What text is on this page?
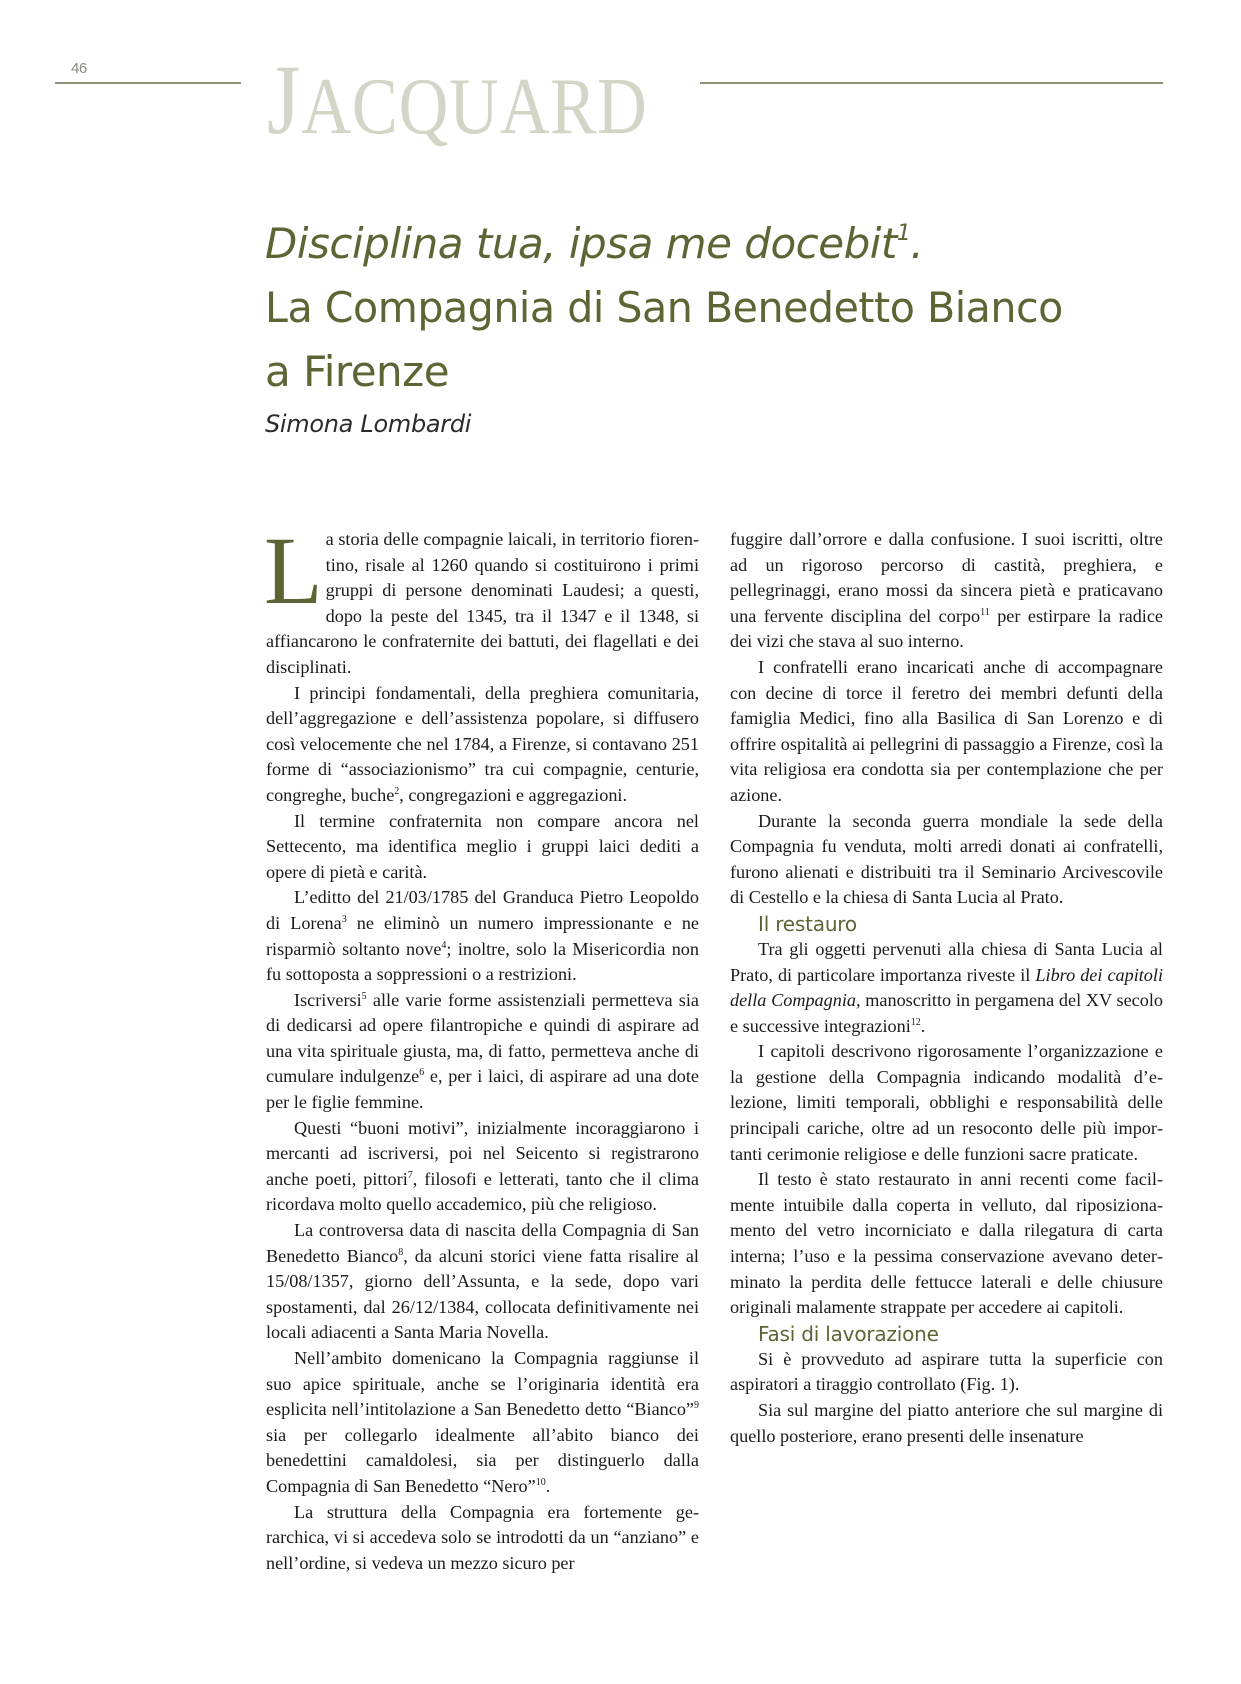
46 JACQUARD
Disciplina tua, ipsa me docebit$^1$.
La Compagnia di San Benedetto Bianco
a Firenze
Simona Lombardi

La storia delle compagnie laicali, in territorio fiorentino, risale al 1260 quando si costituirono i primi gruppi di persone denominati Laudesi; a questi, dopo la peste del 1345, tra il 1347 e il 1348, si affiancarono le confraternite dei battuti, dei flagellati e dei disciplinati.

I principi fondamentali, della preghiera comunitaria, dell’aggregazione e dell’assistenza popolare, si diffusero così velocemente che nel 1784, a Firenze, si contavano 251 forme di “associazionismo” tra cui compagnie, centurie, congreghe, buche$^2$, congregazioni e aggregazioni.

Il termine confraternita non compare ancora nel Settecento, ma identifica meglio i gruppi laici dediti a opere di pietà e carità.

L’editto del 21/03/1785 del Granduca Pietro Leopoldo di Lorena$^3$ ne eliminò un numero impressionante e ne risparmiò soltanto nove$^4$; inoltre, solo la Misericordia non fu sottoposta a soppressioni o a restrizioni.

Iscriversi$^5$ alle varie forme assistenziali permetteva sia di dedicarsi ad opere filantropiche e quindi di aspirare ad una vita spirituale giusta, ma, di fatto, permetteva anche di cumulare indulgenze$^6$ e, per i laici, di aspirare ad una dote per le figlie femmine.

Questi “buoni motivi”, inizialmente incoraggiarono i mercanti ad iscriversi, poi nel Seicento si registrarono anche poeti, pittori$^7$, filosofi e letterati, tanto che il clima ricordava molto quello accademico, più che religioso.

La controversa data di nascita della Compagnia di San Benedetto Bianco$^8$, da alcuni storici viene fatta risalire al 15/08/1357, giorno dell’Assunta, e la sede, dopo vari spostamenti, dal 26/12/1384, collocata definitivamente nei locali adiacenti a Santa Maria Novella.

Nell’ambito domenicano la Compagnia raggiunse il suo apice spirituale, anche se l’originaria identità era esplicita nell’intitolazione a San Benedetto detto “Bianco”$^9$ sia per collegarlo idealmente all’abito bianco dei benedettini camaldolesi, sia per distinguerlo dalla Compagnia di San Benedetto “Nero”$^{10}$.

La struttura della Compagnia era fortemente gerarchica, vi si accedeva solo se introdotti da un “anziano” e nell’ordine, si vedeva un mezzo sicuro per

fuggire dall’orrore e dalla confusione. I suoi iscritti, oltre ad un rigoroso percorso di castità, preghiera, e pellegrinaggi, erano mossi da sincera pietà e praticavano una fervente disciplina del corpo$^{11}$ per estirpare la radice dei vizi che stava al suo interno.

I confratelli erano incaricati anche di accompagnare con decine di torce il feretro dei membri defunti della famiglia Medici, fino alla Basilica di San Lorenzo e di offrire ospitalità ai pellegrini di passaggio a Firenze, così la vita religiosa era condotta sia per contemplazione che per azione.

Durante la seconda guerra mondiale la sede della Compagnia fu venduta, molti arredi donati ai confratelli, furono alienati e distribuiti tra il Seminario Arcivescovile di Cestello e la chiesa di Santa Lucia al Prato.

Il restauro

Tra gli oggetti pervenuti alla chiesa di Santa Lucia al Prato, di particolare importanza riveste il Libro dei capitoli della Compagnia, manoscritto in pergamena del XV secolo e successive integrazioni$^{12}$.

I capitoli descrivono rigorosamente l’organizzazione e la gestione della Compagnia indicando modalità d’elezione, limiti temporali, obblighi e responsabilità delle principali cariche, oltre ad un resoconto delle più importanti cerimonie religiose e delle funzioni sacre praticate.

Il testo è stato restaurato in anni recenti come facilmente intuibile dalla coperta in velluto, dal riposizionamento del vetro incorniciato e dalla rilegatura di carta interna; l’uso e la pessima conservazione avevano determinato la perdita delle fettucce laterali e delle chiusure originali malamente strappate per accedere ai capitoli.

Fasi di lavorazione

Si è provveduto ad aspirare tutta la superficie con aspiratori a tiraggio controllato (Fig. 1).

Sia sul margine del piatto anteriore che sul margine di quello posteriore, erano presenti delle insenature
